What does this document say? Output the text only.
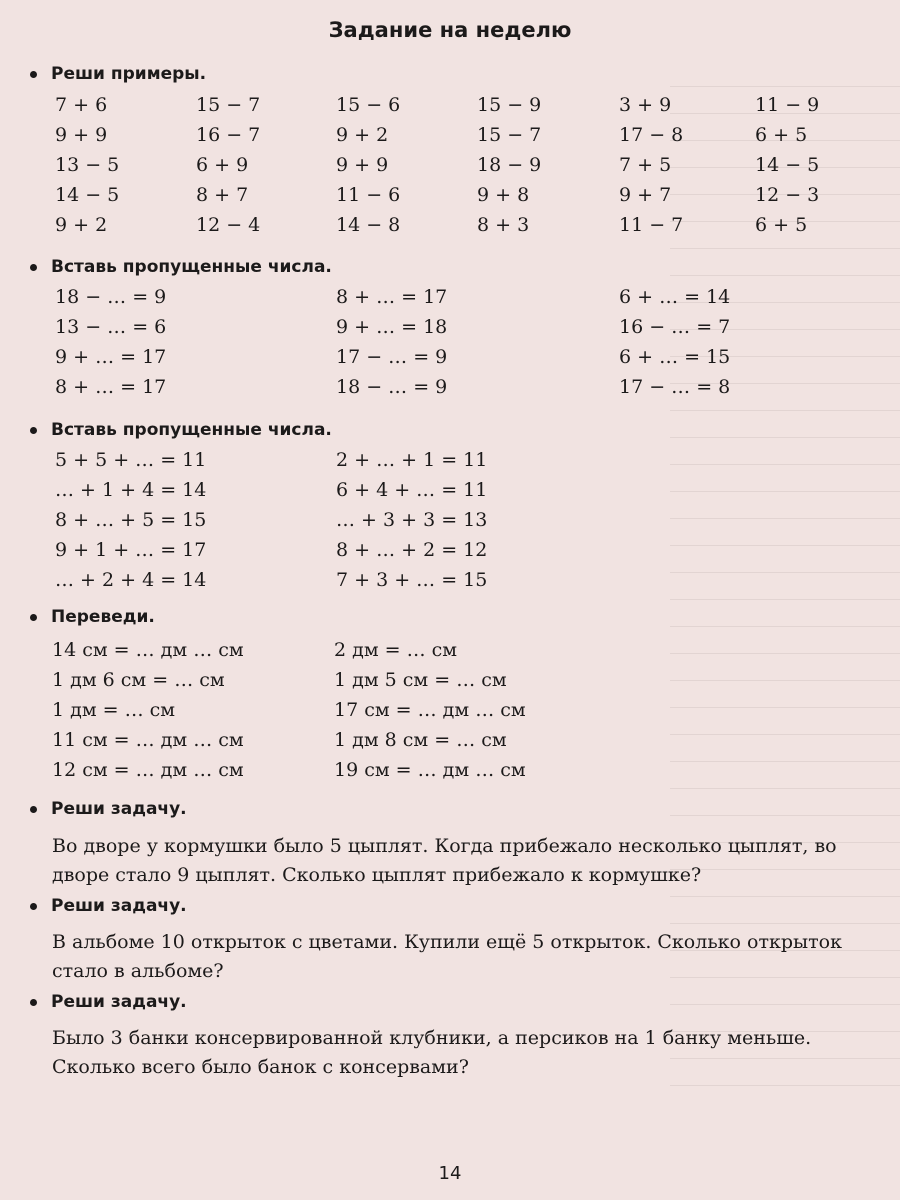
Задание на неделю
Реши примеры.
7 + 6
9 + 9
13 − 5
14 − 5
9 + 2
15 − 7
16 − 7
6 + 9
8 + 7
12 − 4
15 − 6
9 + 2
9 + 9
11 − 6
14 − 8
15 − 9
15 − 7
18 − 9
9 + 8
8 + 3
3 + 9
17 − 8
7 + 5
9 + 7
11 − 7
11 − 9
6 + 5
14 − 5
12 − 3
6 + 5
Вставь пропущенные числа.
18 − … = 9
13 − … = 6
9 + … = 17
8 + … = 17
8 + … = 17
9 + … = 18
17 − … = 9
18 − … = 9
6 + … = 14
16 − … = 7
6 + … = 15
17 − … = 8
Вставь пропущенные числа.
5 + 5 + … = 11
… + 1 + 4 = 14
8 + … + 5 = 15
9 + 1 + … = 17
… + 2 + 4 = 14
2 + … + 1 = 11
6 + 4 + … = 11
… + 3 + 3 = 13
8 + … + 2 = 12
7 + 3 + … = 15
Переведи.
14 см = … дм … см
1 дм 6 см = … см
1 дм = … см
11 см = … дм … см
12 см = … дм … см
2 дм = … см
1 дм 5 см = … см
17 см = … дм … см
1 дм 8 см = … см
19 см = … дм … см
Реши задачу.
Во дворе у кормушки было 5 цыплят. Когда прибежало несколько цыплят, во дворе стало 9 цыплят. Сколько цыплят прибежало к кормушке?
Реши задачу.
В альбоме 10 открыток с цветами. Купили ещё 5 открыток. Сколько открыток стало в альбоме?
Реши задачу.
Было 3 банки консервированной клубники, а персиков на 1 банку меньше. Сколько всего было банок с консервами?
14
